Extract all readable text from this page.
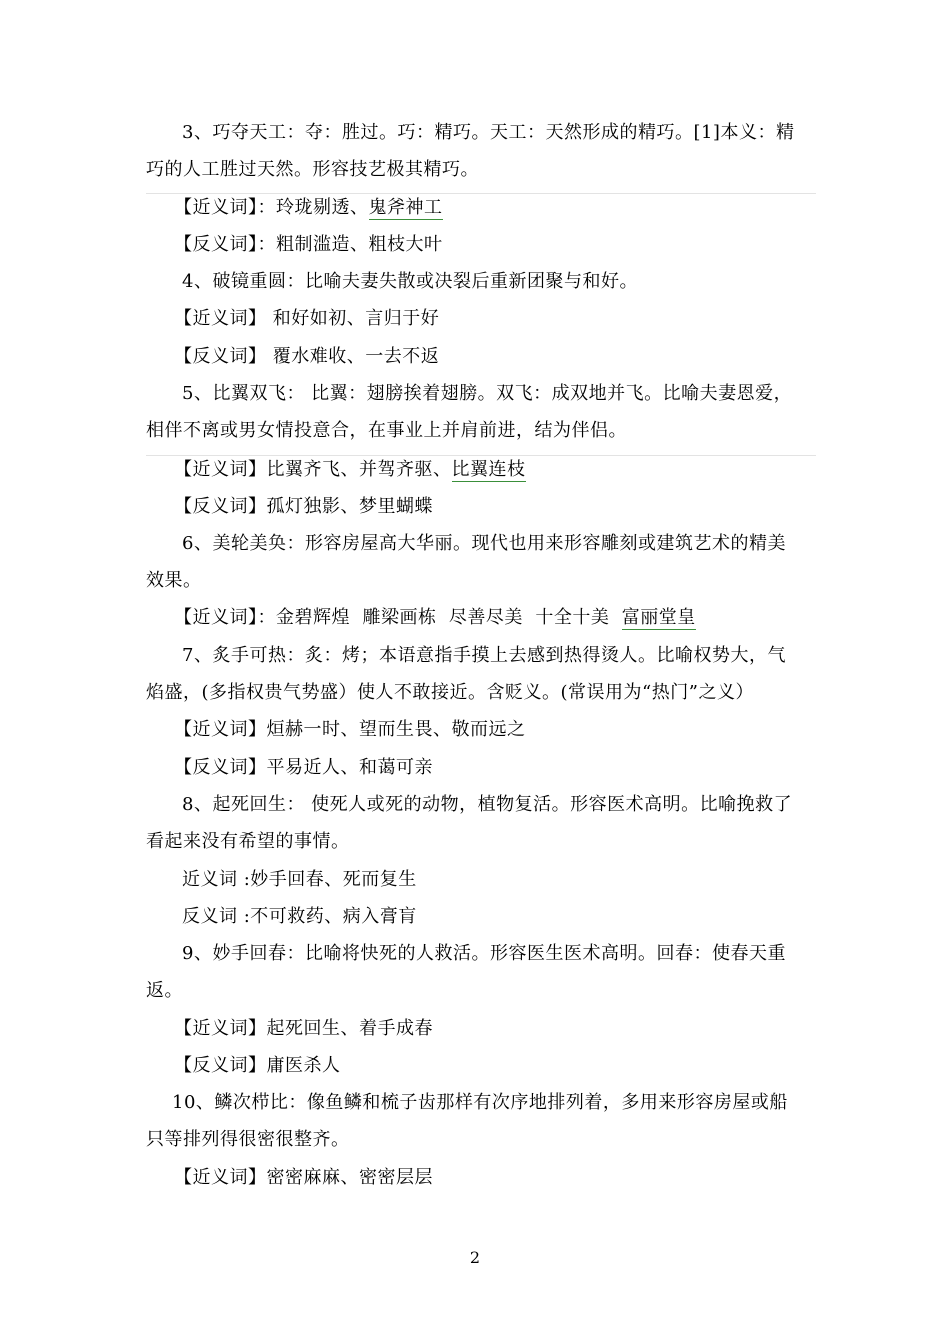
3、巧夺天工：夺：胜过。巧：精巧。天工：天然形成的精巧。[1]本义：精
巧的人工胜过天然。形容技艺极其精巧。
【近义词】：玲珑剔透、鬼斧神工
【反义词】：粗制滥造、粗枝大叶
4、破镜重圆：比喻夫妻失散或决裂后重新团聚与和好。
【近义词】 和好如初、言归于好
【反义词】 覆水难收、一去不返
5、比翼双飞： 比翼：翅膀挨着翅膀。双飞：成双地并飞。比喻夫妻恩爱，
相伴不离或男女情投意合，在事业上并肩前进，结为伴侣。
【近义词】比翼齐飞、并驾齐驱、比翼连枝
【反义词】孤灯独影、梦里蝴蝶
6、美轮美奂：形容房屋高大华丽。现代也用来形容雕刻或建筑艺术的精美
效果。
【近义词】：金碧辉煌  雕梁画栋  尽善尽美  十全十美  富丽堂皇
7、炙手可热：炙：烤；本语意指手摸上去感到热得烫人。比喻权势大，气
焰盛，(多指权贵气势盛）使人不敢接近。含贬义。(常误用为“热门”之义）
【近义词】烜赫一时、望而生畏、敬而远之
【反义词】平易近人、和蔼可亲
8、起死回生： 使死人或死的动物，植物复活。形容医术高明。比喻挽救了
看起来没有希望的事情。
近义词 :妙手回春、死而复生
反义词 :不可救药、病入膏肓
9、妙手回春：比喻将快死的人救活。形容医生医术高明。回春：使春天重
返。
【近义词】起死回生、着手成春
【反义词】庸医杀人
10、鳞次栉比：像鱼鳞和梳子齿那样有次序地排列着，多用来形容房屋或船
只等排列得很密很整齐。
【近义词】密密麻麻、密密层层
2
